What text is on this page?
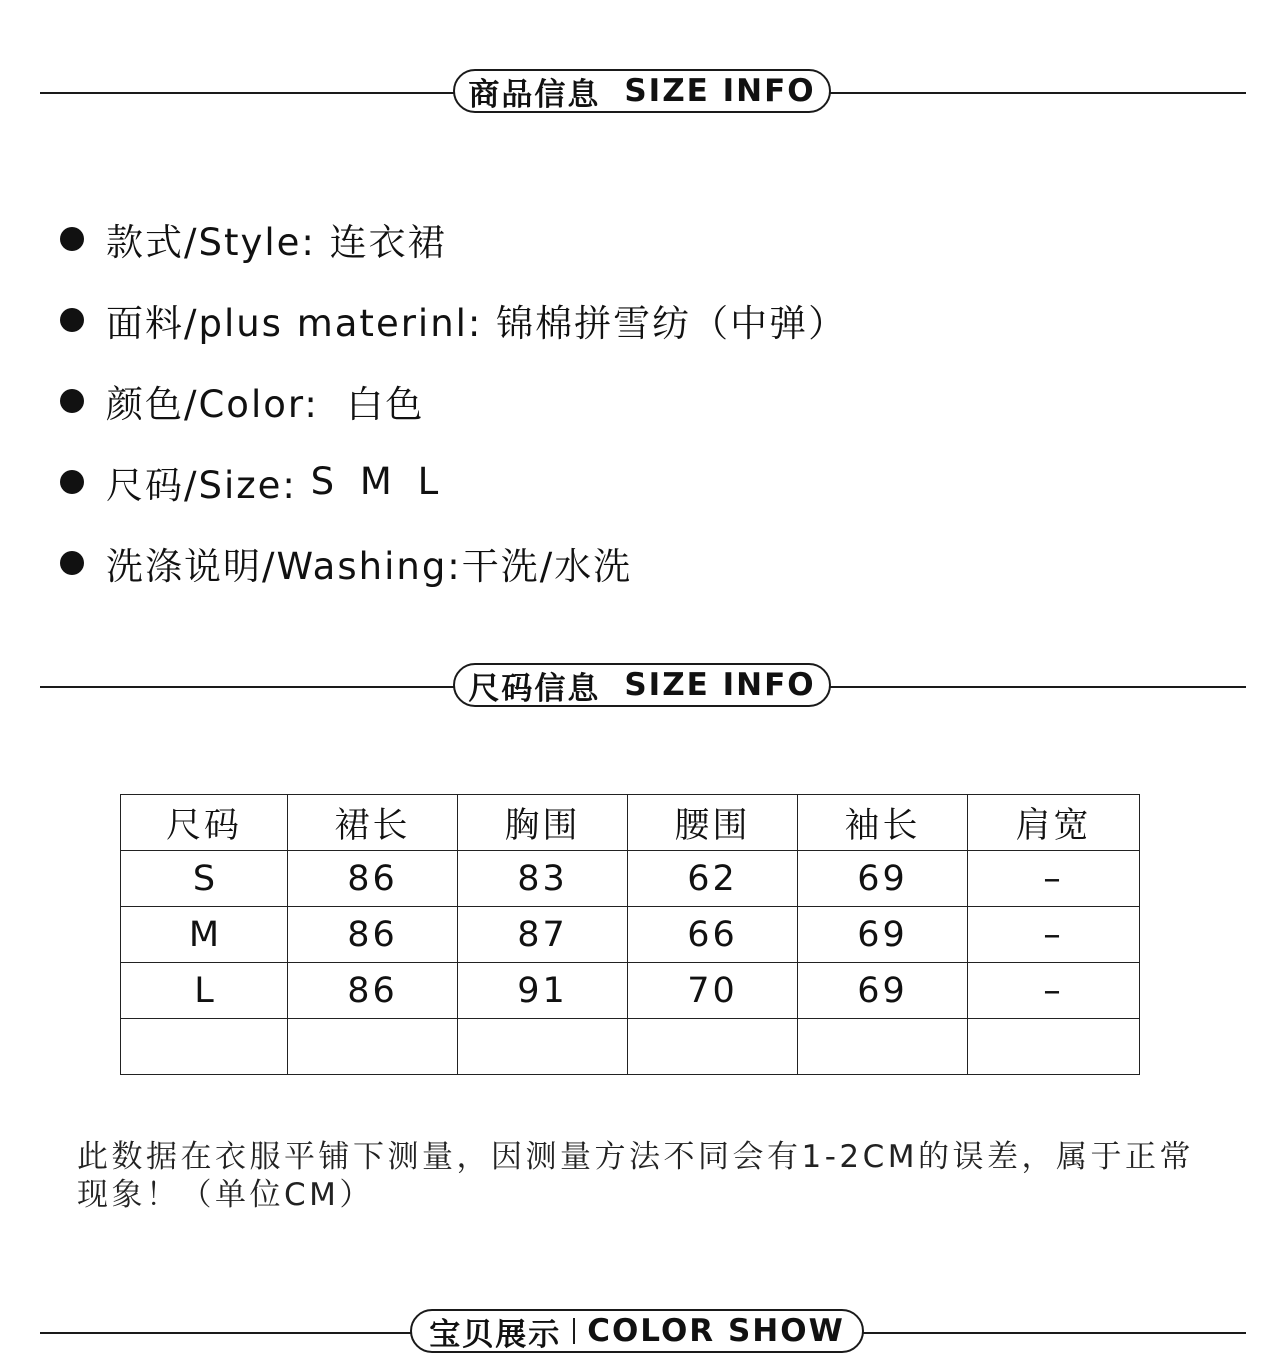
商品信息 SIZE INFO
款式/Style:
连衣裙
面料/plus materinl:
锦棉拼雪纺（中弹）
颜色/Color:
白色
尺码/Size:
S M L
洗涤说明/Washing: 干洗/水洗
尺码信息 SIZE INFO
尺码	裙长	胸围	腰围	袖长	肩宽
S	86	83	62	69	–
M	86	87	66	69	–
L	86	91	70	69	–

此数据在衣服平铺下测量，因测量方法不同会有1-2CM的误差，属于正常现象！（单位CM）
宝贝展示 COLOR SHOW
